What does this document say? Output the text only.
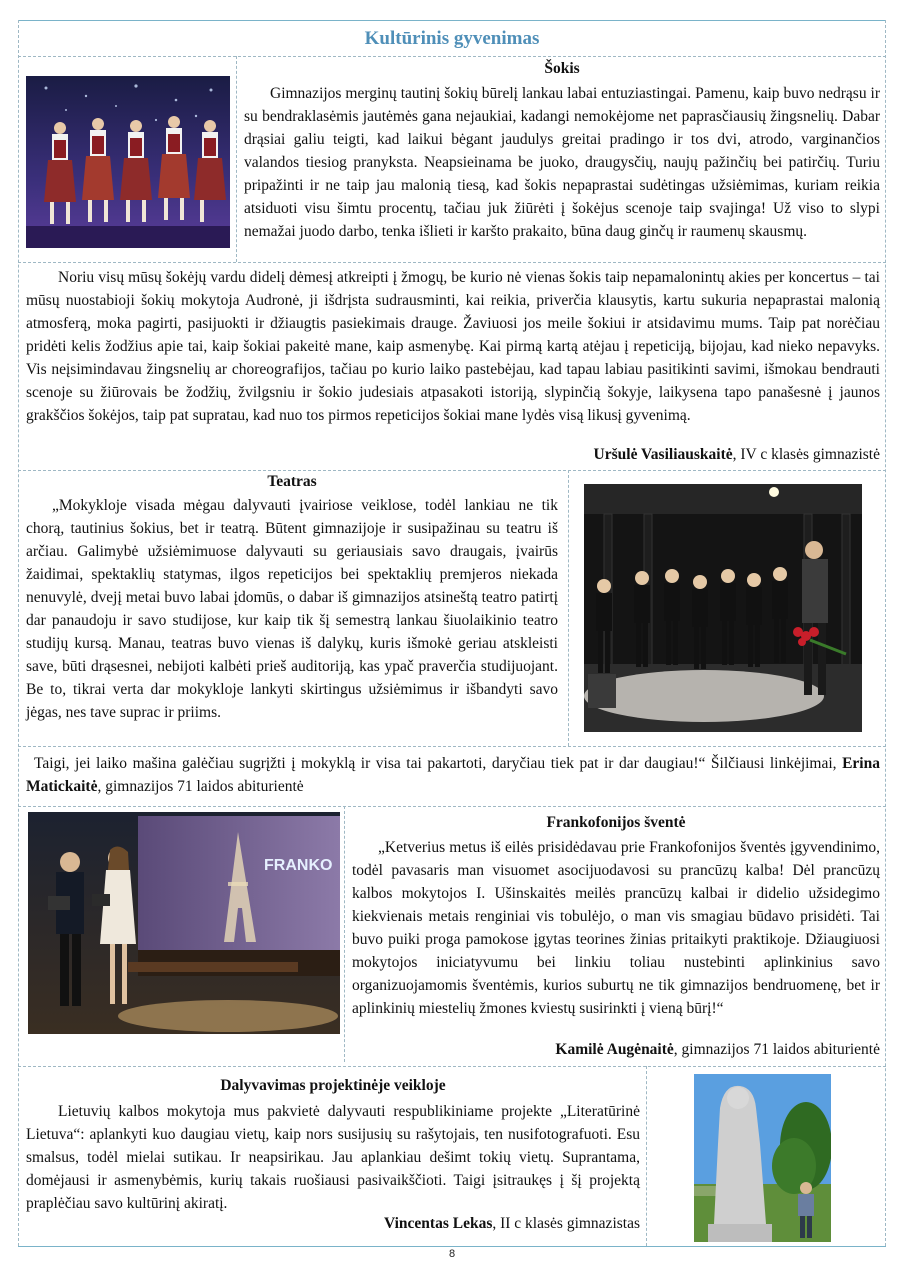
Kultūrinis gyvenimas
Šokis

Gimnazijos merginų tautinį šokių būrelį lankau labai entuziastingai. Pamenu, kaip buvo nedrąsu ir su bendraklasėmis jautėmės gana nejaukiai, kadangi nemokėjome net paprasčiausių žingsnelių. Dabar drąsiai galiu teigti, kad laikui bėgant jaudulys greitai pradingo ir tos dvi, atrodo, varginančios valandos tiesiog pranyksta. Neapsieinama be juoko, draugysčių, naujų pažinčių bei patirčių. Turiu pripažinti ir ne taip jau malonią tiesą, kad šokis nepaprastai sudėtingas užsiėmimas, kuriam reikia atsiduoti visu šimtu procentų, tačiau juk žiūrėti į šokėjus scenoje taip svajinga! Už viso to slypi nemažai juodo darbo, tenka išlieti ir karšto prakaito, būna daug ginčų ir raumenų skausmų.

Noriu visų mūsų šokėjų vardu didelį dėmesį atkreipti į žmogų, be kurio nė vienas šokis taip nepamalonintų akies per koncertus – tai mūsų nuostabioji šokių mokytoja Audronė, ji išdrįsta sudrausminti, kai reikia, priverčia klausytis, kartu sukuria nepaprastai malonią atmosferą, moka pagirti, pasijuokti ir džiaugtis pasiekimais drauge. Žaviuosi jos meile šokiui ir atsidavimu mums. Taip pat norėčiau pridėti kelis žodžius apie tai, kaip šokiai pakeitė mane, kaip asmenybę. Kai pirmą kartą atėjau į repeticiją, bijojau, kad nieko nepavyks. Vis neįsimindavau žingsnelių ar choreografijos, tačiau po kurio laiko pastebėjau, kad tapau labiau pasitikinti savimi, išmokau bendrauti scenoje su žiūrovais be žodžių, žvilgsniu ir šokio judesiais atpasakoti istoriją, slypinčią šokyje, laikysena tapo panašesnė į jaunos grakščios šokėjos, taip pat supratau, kad nuo tos pirmos repeticijos šokiai mane lydės visą likusį gyvenimą.

Uršulė Vasiliauskaitė, IV c klasės gimnazistė
Teatras

„Mokykloje visada mėgau dalyvauti įvairiose veiklose, todėl lankiau ne tik chorą, tautinius šokius, bet ir teatrą. Būtent gimnazijoje ir susipažinau su teatru iš arčiau. Galimybė užsiėmimuose dalyvauti su geriausiais savo draugais, įvairūs žaidimai, spektaklių statymas, ilgos repeticijos bei spektaklių premjeros niekada nenuvylė, dvejį metai buvo labai įdomūs, o dabar iš gimnazijos atsineštą teatro patirtį dar panaudoju ir savo studijose, kur kaip tik šį semestrą lankau šiuolaikinio teatro studijų kursą. Manau, teatras buvo vienas iš dalykų, kuris išmokė geriau atskleisti save, būti drąsesnei, nebijoti kalbėti prieš auditoriją, kas ypač praverčia studijuojant. Be to, tikrai verta dar mokykloje lankyti skirtingus užsiėmimus ir išbandyti savo jėgas, nes tave suprас ir priims.

Taigi, jei laiko mašina galėčiau sugrįžti į mokyklą ir visa tai pakartoti, daryčiau tiek pat ir dar daugiau!“ Šilčiausi linkėjimai, Erina Matickaitė, gimnazijos 71 laidos abiturientė

FRANKO
Frankofonijos šventė

„Ketverius metus iš eilės prisidėdavau prie Frankofonijos šventės įgyvendinimo, todėl pavasaris man visuomet asocijuodavosi su prancūzų kalba! Dėl prancūzų kalbos mokytojos I. Ušinskaitės meilės prancūzų kalbai ir didelio užsidegimo kiekvienais metais renginiai vis tobulėjo, o man vis smagiau būdavo prisidėti. Tai buvo puiki proga pamokose įgytas teorines žinias pritaikyti praktikoje. Džiaugiuosi mokytojos iniciatyvumu bei linkiu toliau nustebinti aplinkinius savo organizuojamomis šventėmis, kurios suburtų ne tik gimnazijos bendruomenę, bet ir aplinkinių miestelių žmones kviestų susirinkti į vieną būrį!“

Kamilė Augėnaitė, gimnazijos 71 laidos abiturientė
Dalyvavimas projektinėje veikloje

Lietuvių kalbos mokytoja mus pakvietė dalyvauti respublikiniame projekte „Literatūrinė Lietuva“: aplankyti kuo daugiau vietų, kaip nors susijusių su rašytojais, ten nusifotografuoti. Esu smalsus, todėl mielai sutikau. Ir neapsirikau. Jau aplankiau dešimt tokių vietų. Suprantama, domėjausi ir asmenybėmis, kurių takais ruošiausi pasivaikščioti. Taigi įsitraukęs į šį projektą praplėčiau savo kultūrinį akiratį.

Vincentas Lekas, II c klasės gimnazistas
8
